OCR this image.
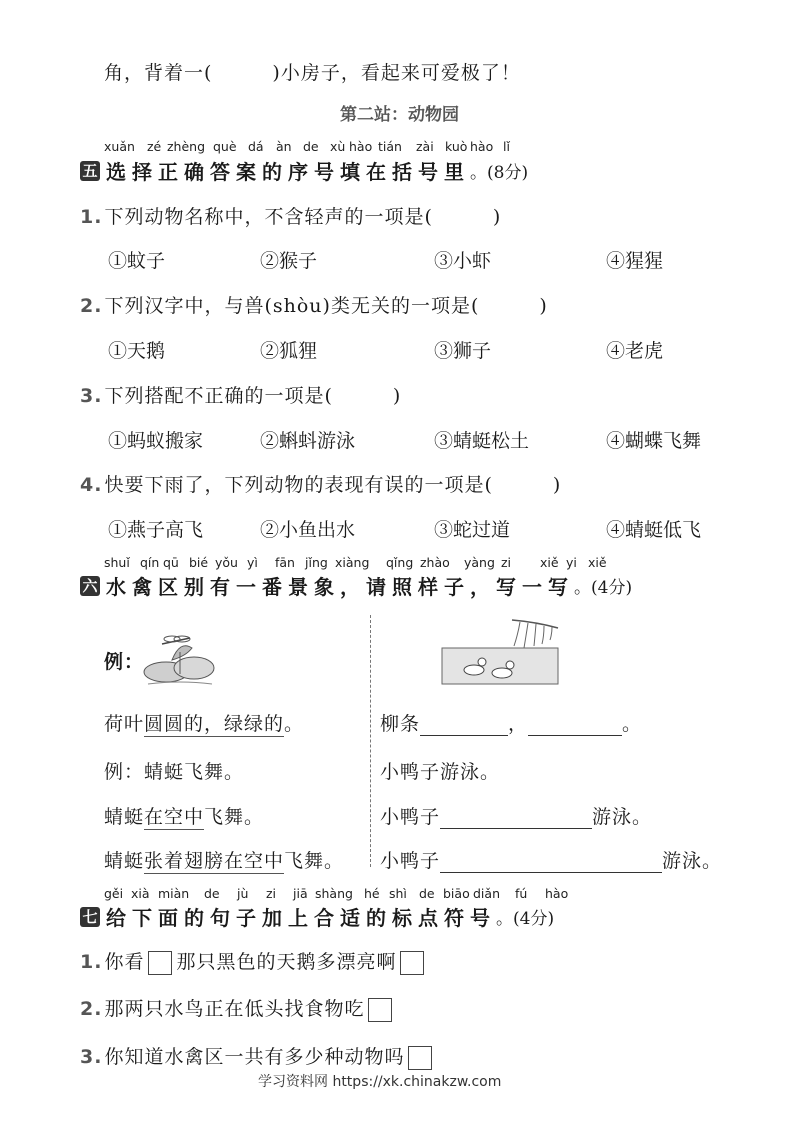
角，背着一(　　　)小房子，看起来可爱极了！
第二站：动物园
xuǎn zé zhèng què dá àn de xù hào tián zài kuò hào lǐ
五 选择正确答案的序号填在括号里 。(8分)
1. 下列动物名称中，不含轻声的一项是(　　　)
①蚊子	②猴子	③小虾	④猩猩
2. 下列汉字中，与兽(shòu)类无关的一项是(　　　)
①天鹅	②狐狸	③狮子	④老虎
3. 下列搭配不正确的一项是(　　　)
①蚂蚁搬家	②蝌蚪游泳	③蜻蜓松土	④蝴蝶飞舞
4. 快要下雨了，下列动物的表现有误的一项是(　　　)
①燕子高飞	②小鱼出水	③蛇过道	④蜻蜓低飞
shuǐ qín qū bié yǒu yì fān jǐng xiàng qǐng zhào yàng zi xiě yi xiě
六 水禽区别有一番景象，请照样子，写一写 。(4分)
例：
荷叶圆圆的，绿绿的。
例：蜻蜓飞舞。
蜻蜓在空中飞舞。
蜻蜓张着翅膀在空中飞舞。
柳条	，	。
小鸭子游泳。
小鸭子	游泳。
小鸭子	游泳。
gěi xià miàn de jù zi jiā shàng hé shì de biāo diǎn fú hào
七 给下面的句子加上合适的标点符号 。(4分)
1. 你看 那只黑色的天鹅多漂亮啊
2. 那两只水鸟正在低头找食物吃
3. 你知道水禽区一共有多少种动物吗
学习资料网 https://xk.chinakzw.com
